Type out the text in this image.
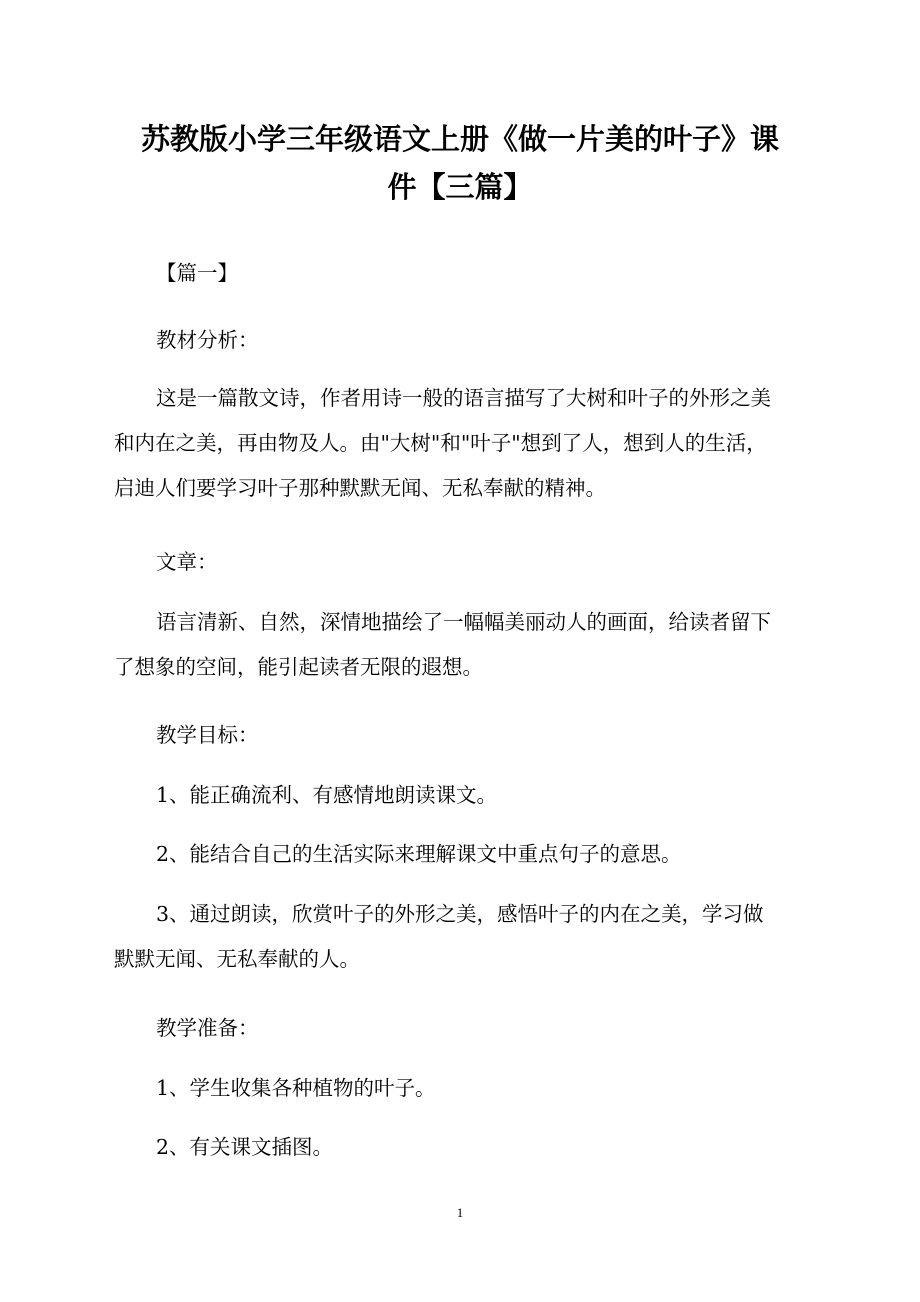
苏教版小学三年级语文上册《做一片美的叶子》课
件【三篇】

【篇一】

教材分析：

这是一篇散文诗，作者用诗一般的语言描写了大树和叶子的外形之美
和内在之美，再由物及人。由"大树"和"叶子"想到了人，想到人的生活，
启迪人们要学习叶子那种默默无闻、无私奉献的精神。

文章：

语言清新、自然，深情地描绘了一幅幅美丽动人的画面，给读者留下
了想象的空间，能引起读者无限的遐想。

教学目标：

1、能正确流利、有感情地朗读课文。

2、能结合自己的生活实际来理解课文中重点句子的意思。

3、通过朗读，欣赏叶子的外形之美，感悟叶子的内在之美，学习做
默默无闻、无私奉献的人。

教学准备：

1、学生收集各种植物的叶子。

2、有关课文插图。

1
